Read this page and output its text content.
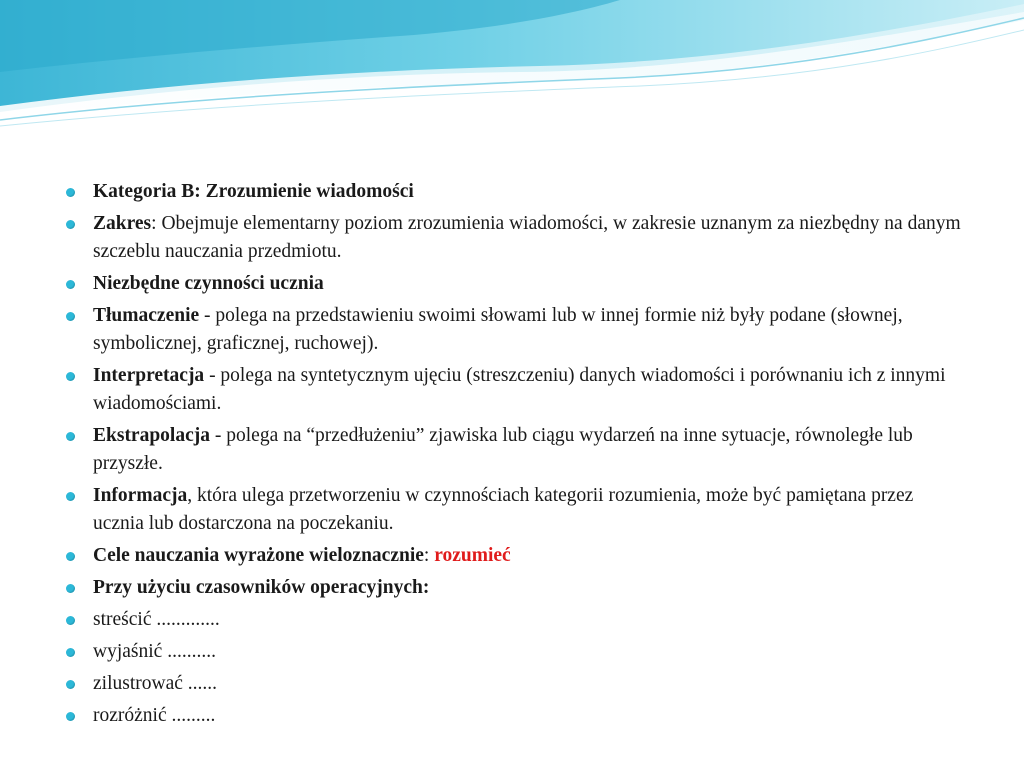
Kategoria B: Zrozumienie wiadomości
Zakres: Obejmuje elementarny poziom zrozumienia wiadomości, w zakresie uznanym za niezbędny na danym szczeblu nauczania przedmiotu.
Niezbędne czynności ucznia
Tłumaczenie - polega na przedstawieniu swoimi słowami lub w innej formie niż były podane (słownej, symbolicznej, graficznej, ruchowej).
Interpretacja - polega na syntetycznym ujęciu (streszczeniu) danych wiadomości i porównaniu ich z innymi wiadomościami.
Ekstrapolacja - polega na “przedłużeniu” zjawiska lub ciągu wydarzeń na inne sytuacje, równoległe lub przyszłe.
Informacja, która ulega przetworzeniu w czynnościach kategorii rozumienia, może być pamiętana przez ucznia lub dostarczona na poczekaniu.
Cele nauczania wyrażone wieloznacznie: rozumieć
Przy użyciu czasowników operacyjnych:
streścić .............
wyjaśnić ..........
zilustrować ......
rozróżnić .........
